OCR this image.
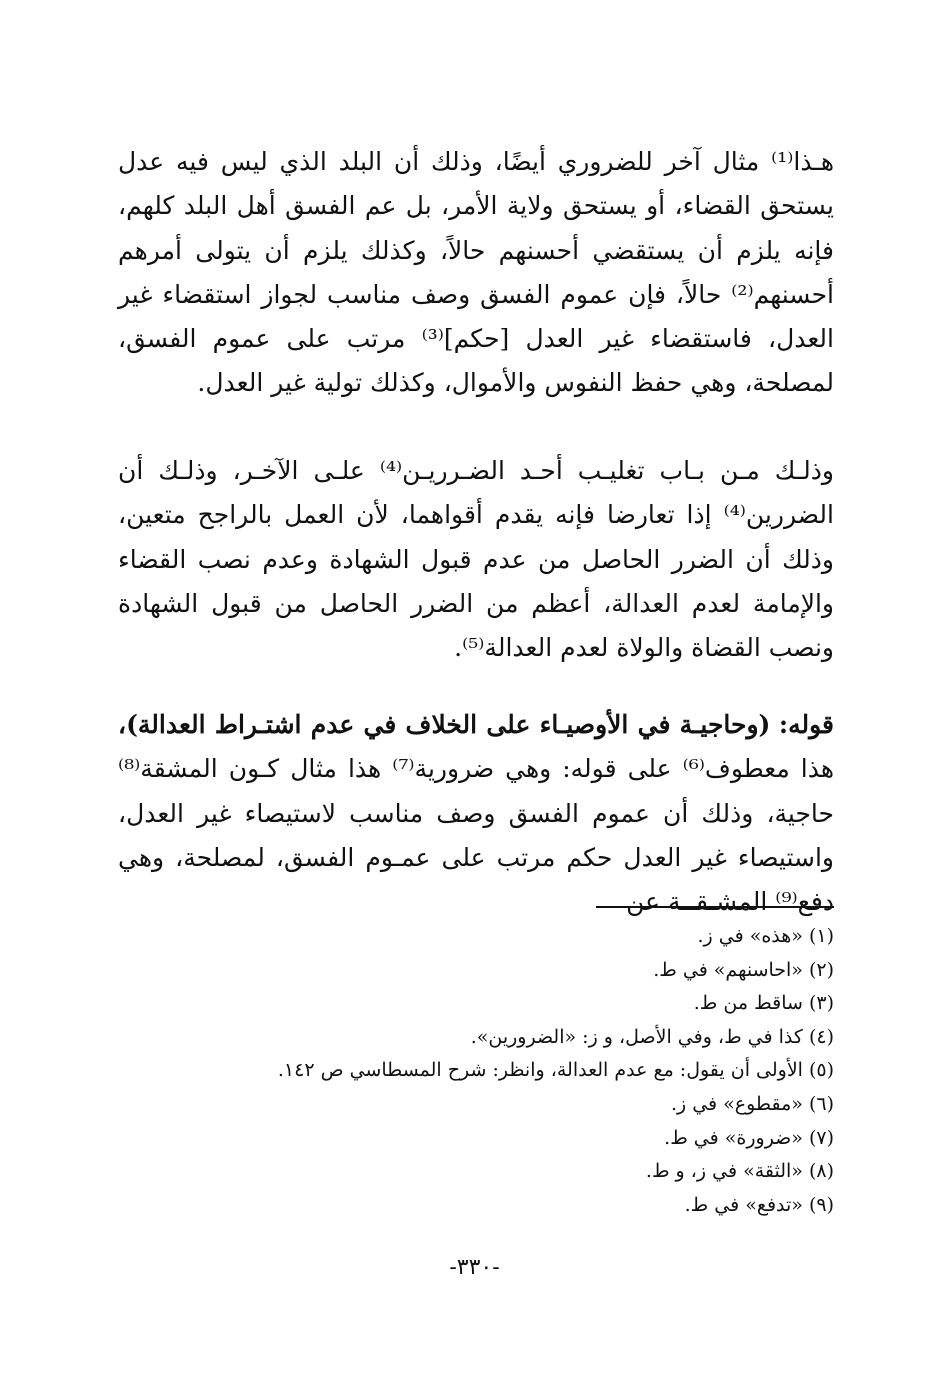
هـذا⁽¹⁾ مثال آخر للضروري أيضًا، وذلك أن البلد الذي ليس فيه عدل يستحق القضاء، أو يستحق ولاية الأمر، بل عم الفسق أهل البلد كلهم، فإنه يلزم أن يستقضي أحسنهم حالاً، وكذلك يلزم أن يتولى أمرهم أحسنهم⁽²⁾ حالاً، فإن عموم الفسق وصف مناسب لجواز استقضاء غير العدل، فاستقضاء غير العدل [حكم]⁽³⁾ مرتب على عموم الفسق، لمصلحة، وهي حفظ النفوس والأموال، وكذلك تولية غير العدل.

وذلـك مـن بـاب تغليـب أحـد الضـرريـن⁽⁴⁾ علـى الآخـر، وذلـك أن الضررين⁽⁴⁾ إذا تعارضا فإنه يقدم أقواهما، لأن العمل بالراجح متعين، وذلك أن الضرر الحاصل من عدم قبول الشهادة وعدم نصب القضاء والإمامة لعدم العدالة، أعظم من الضرر الحاصل من قبول الشهادة ونصب القضاة والولاة لعدم العدالة⁽⁵⁾.

قوله: (وحاجيـة في الأوصيـاء على الخلاف في عدم اشتـراط العدالة)، هذا معطوف⁽⁶⁾ على قوله: وهي ضرورية⁽⁷⁾ هذا مثال كـون المشقة⁽⁸⁾ حاجية، وذلك أن عموم الفسق وصف مناسب لاستيصاء غير العدل، واستيصاء غير العدل حكم مرتب على عمـوم الفسق، لمصلحة، وهي دفع⁽⁹⁾ المشـقــة عن

(١)«هذه» في ز.
(٢)«احاسنهم» في ط.
(٣)ساقط من ط.
(٤)كذا في ط، وفي الأصل، و ز: «الضرورين».
(٥)الأولى أن يقول: مع عدم العدالة، وانظر: شرح المسطاسي ص ١٤٢.
(٦)«مقطوع» في ز.
(٧)«ضرورة» في ط.
(٨)«الثقة» في ز، و ط.
(٩)«تدفع» في ط.
-٣٣٠-
